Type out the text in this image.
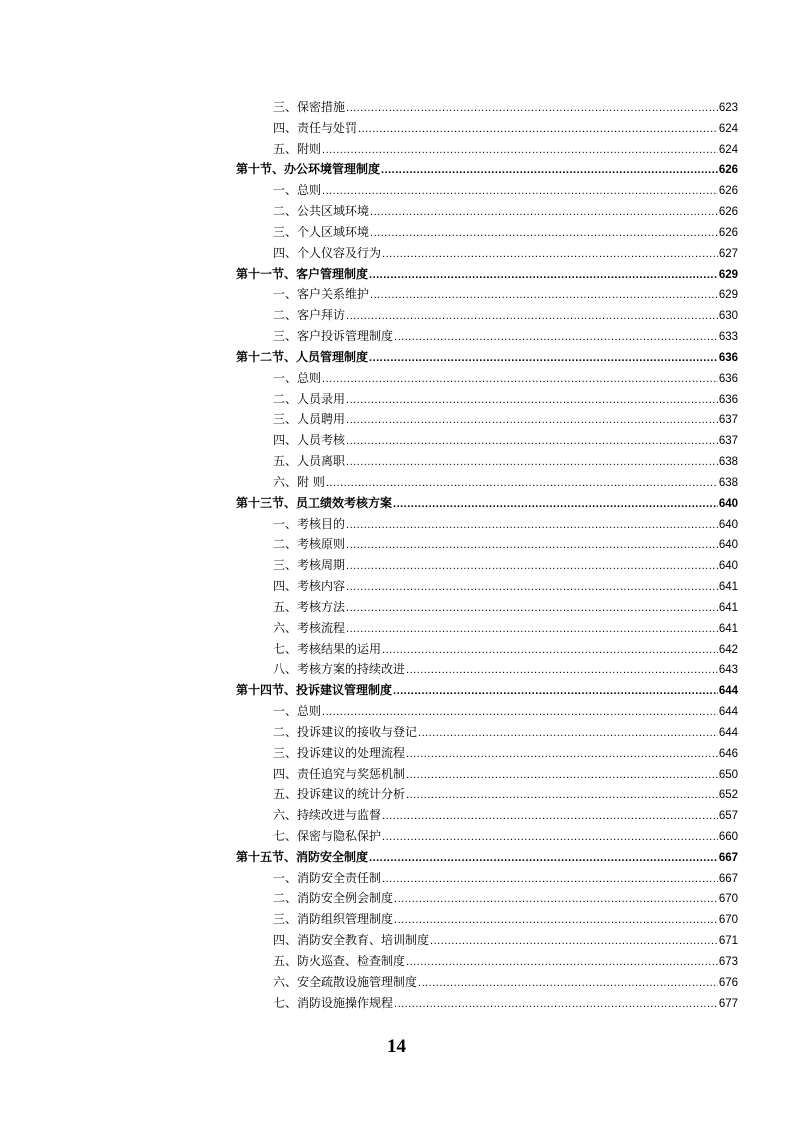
三、保密措施 .....	623
四、责任与处罚 .....	624
五、附则 .....	624
第十节、办公环境管理制度 .....	626
一、总则 .....	626
二、公共区域环境 .....	626
三、个人区域环境 .....	626
四、个人仪容及行为 .....	627
第十一节、客户管理制度 .....	629
一、客户关系维护 .....	629
二、客户拜访 .....	630
三、客户投诉管理制度 .....	633
第十二节、人员管理制度 .....	636
一、总则 .....	636
二、人员录用 .....	636
三、人员聘用 .....	637
四、人员考核 .....	637
五、人员离职 .....	638
六、附 则 .....	638
第十三节、员工绩效考核方案 .....	640
一、考核目的 .....	640
二、考核原则 .....	640
三、考核周期 .....	640
四、考核内容 .....	641
五、考核方法 .....	641
六、考核流程 .....	641
七、考核结果的运用 .....	642
八、考核方案的持续改进 .....	643
第十四节、投诉建议管理制度 .....	644
一、总则 .....	644
二、投诉建议的接收与登记 .....	644
三、投诉建议的处理流程 .....	646
四、责任追究与奖惩机制 .....	650
五、投诉建议的统计分析 .....	652
六、持续改进与监督 .....	657
七、保密与隐私保护 .....	660
第十五节、消防安全制度 .....	667
一、消防安全责任制 .....	667
二、消防安全例会制度 .....	670
三、消防组织管理制度 .....	670
四、消防安全教育、培训制度 .....	671
五、防火巡查、检查制度 .....	673
六、安全疏散设施管理制度 .....	676
七、消防设施操作规程 .....	677
14
